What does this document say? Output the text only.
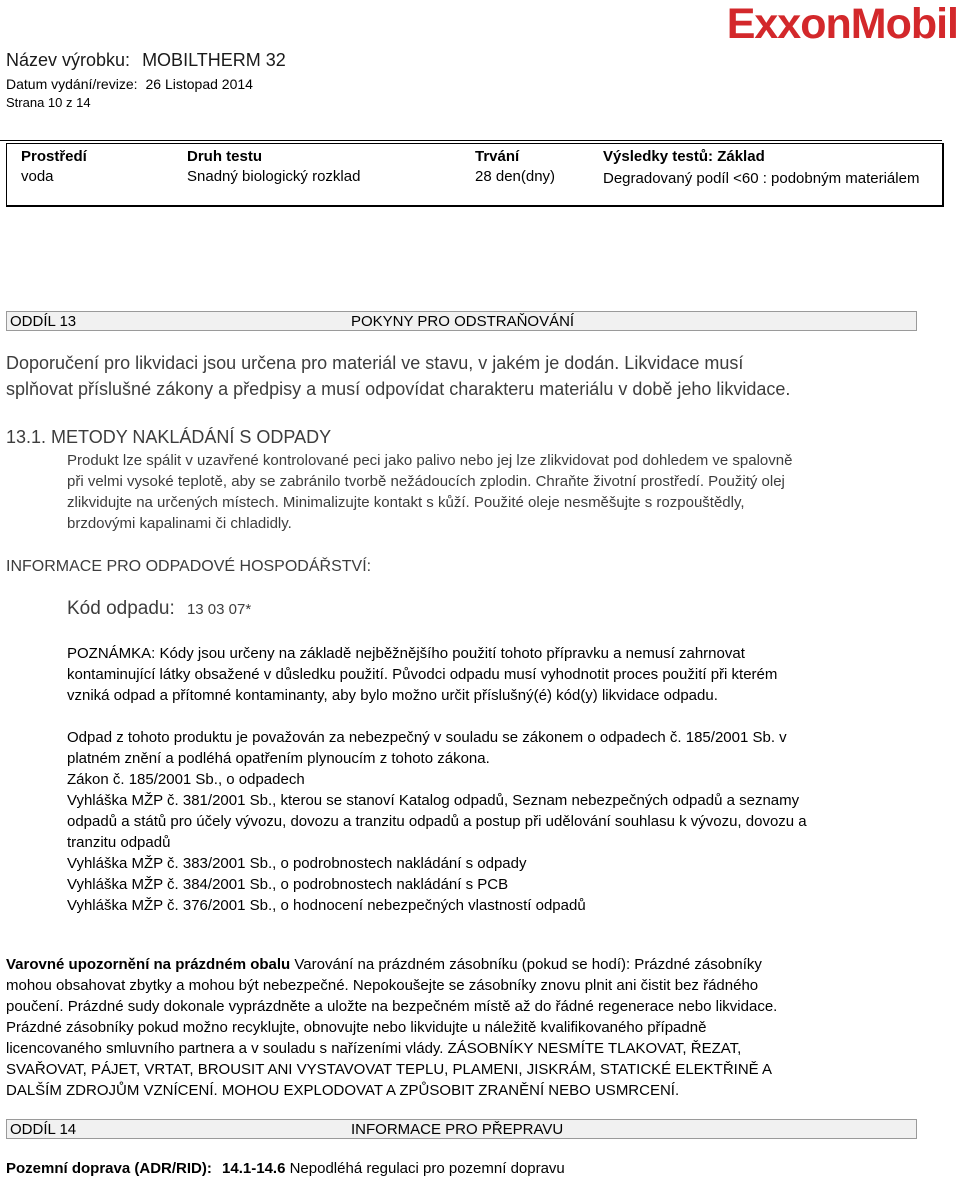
Název výrobku: MOBILTHERM 32
Datum vydání/revize: 26 Listopad 2014
Strana 10 z 14
ExxonMobil
Prostředí	Druh testu	Trvání	Výsledky testů: Základ
voda	Snadný biologický rozklad	28 den(dny)	Degradovaný podíl <60 : podobným materiálem
ODDÍL 13	POKYNY PRO ODSTRAŇOVÁNÍ
Doporučení pro likvidaci jsou určena pro materiál ve stavu, v jakém je dodán. Likvidace musí
splňovat příslušné zákony a předpisy a musí odpovídat charakteru materiálu v době jeho likvidace.
13.1. METODY NAKLÁDÁNÍ S ODPADY
Produkt lze spálit v uzavřené kontrolované peci jako palivo nebo jej lze zlikvidovat pod dohledem ve spalovně
při velmi vysoké teplotě, aby se zabránilo tvorbě nežádoucích zplodin. Chraňte životní prostředí. Použitý olej
zlikvidujte na určených místech. Minimalizujte kontakt s kůží. Použité oleje nesměšujte s rozpouštědly,
brzdovými kapalinami či chladidly.
INFORMACE PRO ODPADOVÉ HOSPODÁŘSTVÍ:
Kód odpadu: 13 03 07*
POZNÁMKA: Kódy jsou určeny na základě nejběžnějšího použití tohoto přípravku a nemusí zahrnovat
kontaminující látky obsažené v důsledku použití. Původci odpadu musí vyhodnotit proces použití při kterém
vzniká odpad a přítomné kontaminanty, aby bylo možno určit příslušný(é) kód(y) likvidace odpadu.
Odpad z tohoto produktu je považován za nebezpečný v souladu se zákonem o odpadech č. 185/2001 Sb. v
platném znění a podléhá opatřením plynoucím z tohoto zákona.
Zákon č. 185/2001 Sb., o odpadech
Vyhláška MŽP č. 381/2001 Sb., kterou se stanoví Katalog odpadů, Seznam nebezpečných odpadů a seznamy
odpadů a států pro účely vývozu, dovozu a tranzitu odpadů a postup při udělování souhlasu k vývozu, dovozu a
tranzitu odpadů
Vyhláška MŽP č. 383/2001 Sb., o podrobnostech nakládání s odpady
Vyhláška MŽP č. 384/2001 Sb., o podrobnostech nakládání s PCB
Vyhláška MŽP č. 376/2001 Sb., o hodnocení nebezpečných vlastností odpadů
Varovné upozornění na prázdném obalu Varování na prázdném zásobníku (pokud se hodí): Prázdné zásobníky
mohou obsahovat zbytky a mohou být nebezpečné. Nepokoušejte se zásobníky znovu plnit ani čistit bez řádného
poučení. Prázdné sudy dokonale vyprázdněte a uložte na bezpečném místě až do řádné regenerace nebo likvidace.
Prázdné zásobníky pokud možno recyklujte, obnovujte nebo likvidujte u náležitě kvalifikovaného případně
licencovaného smluvního partnera a v souladu s nařízeními vlády. ZÁSOBNÍKY NESMÍTE TLAKOVAT, ŘEZAT,
SVAŘOVAT, PÁJET, VRTAT, BROUSIT ANI VYSTAVOVAT TEPLU, PLAMENI, JISKRÁM, STATICKÉ ELEKTŘINĚ A
DALŠÍM ZDROJŮM VZNÍCENÍ. MOHOU EXPLODOVAT A ZPŮSOBIT ZRANĚNÍ NEBO USMRCENÍ.
ODDÍL 14	INFORMACE PRO PŘEPRAVU
Pozemní doprava (ADR/RID): 14.1-14.6 Nepodléhá regulaci pro pozemní dopravu
